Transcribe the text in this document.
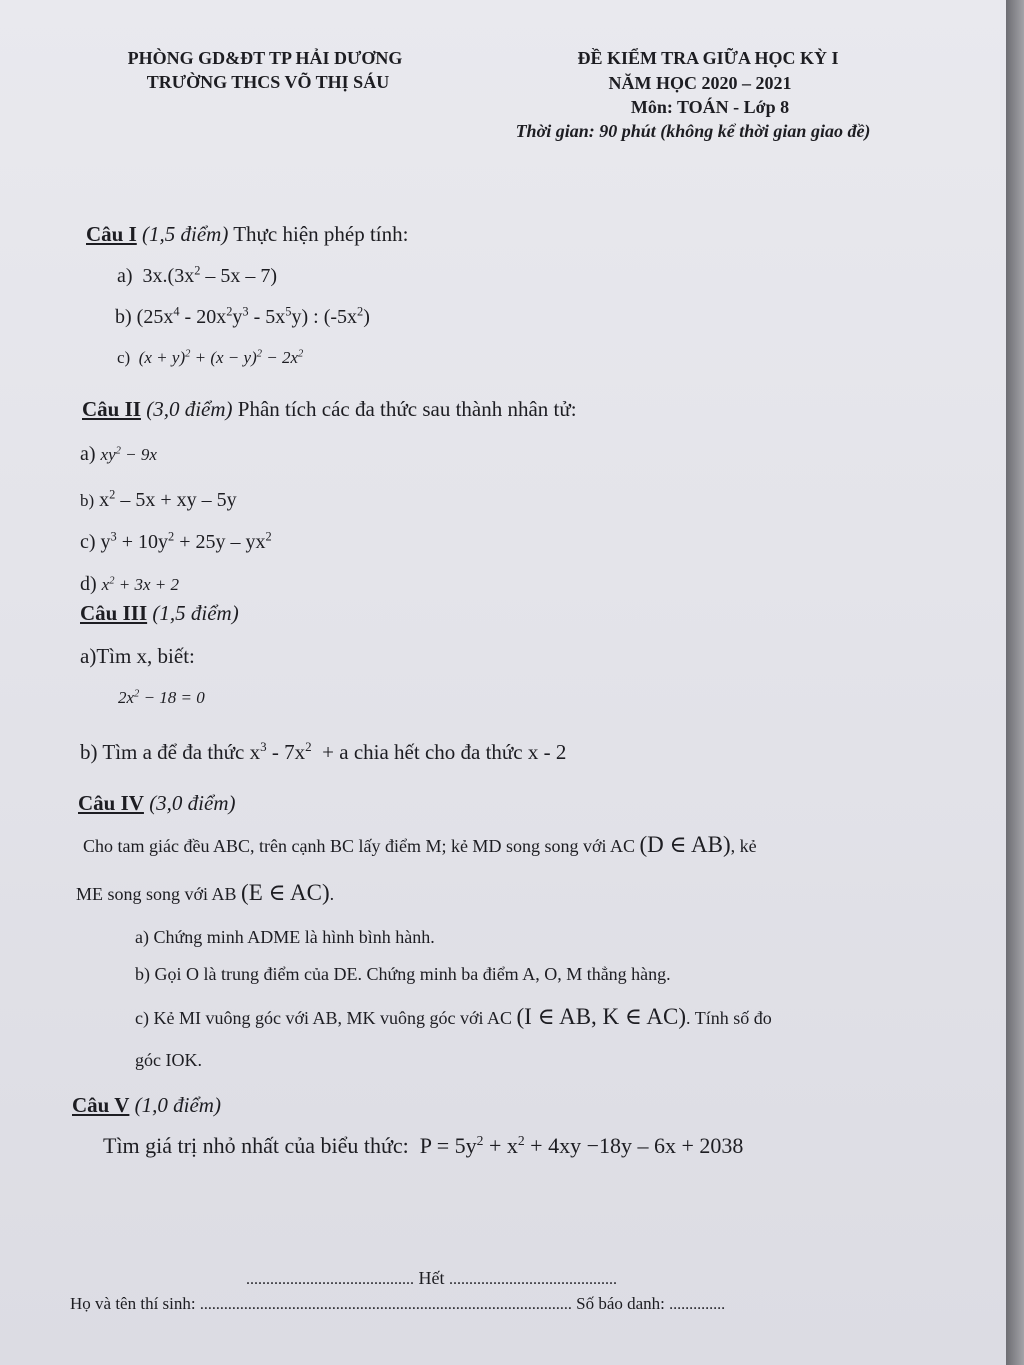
PHÒNG GD&ĐT TP HẢI DƯƠNG
TRƯỜNG THCS VÕ THỊ SÁU
ĐỀ KIỂM TRA GIỮA HỌC KỲ I
NĂM HỌC 2020 – 2021
Môn: TOÁN - Lớp 8
Thời gian: 90 phút (không kể thời gian giao đề)
Câu I (1,5 điểm) Thực hiện phép tính:
a)  $3x.(3x^2 - 5x - 7)$
b) $(25x^4 - 20x^2y^3 - 5x^5y)$ : $(-5x^2)$
c) $(x + y)^2 + (x - y)^2 - 2x^2$
Câu II (3,0 điểm) Phân tích các đa thức sau thành nhân tử:
a) $xy^2 - 9x$
b) $x^2 - 5x$ + xy – 5y
c) $y^3 + 10y^2 + 25y - yx^2$
d) $x^2 + 3x + 2$
Câu III (1,5 điểm)
a)Tìm x, biết:
$2x^2 - 18 = 0$
b) Tìm a để đa thức $x^3 - 7x^2 + a$ chia hết cho đa thức x - 2
Câu IV (3,0 điểm)
Cho tam giác đều ABC, trên cạnh BC lấy điểm M; kẻ MD song song với AC (D ∈ AB), kẻ
ME song song với AB (E ∈ AC).
a) Chứng minh ADME là hình bình hành.
b) Gọi O là trung điểm của DE. Chứng minh ba điểm A, O, M thẳng hàng.
c) Kẻ MI vuông góc với AB, MK vuông góc với AC (I ∈ AB, K ∈ AC). Tính số đo
góc IOK.
Câu V (1,0 điểm)
Tìm giá trị nhỏ nhất của biểu thức:  $P = 5y^2 + x^2 + 4xy -18y - 6x + 2038$
.......................................... Hết ..........................................
Họ và tên thí sinh: ............................................................................................. Số báo danh: ..............
